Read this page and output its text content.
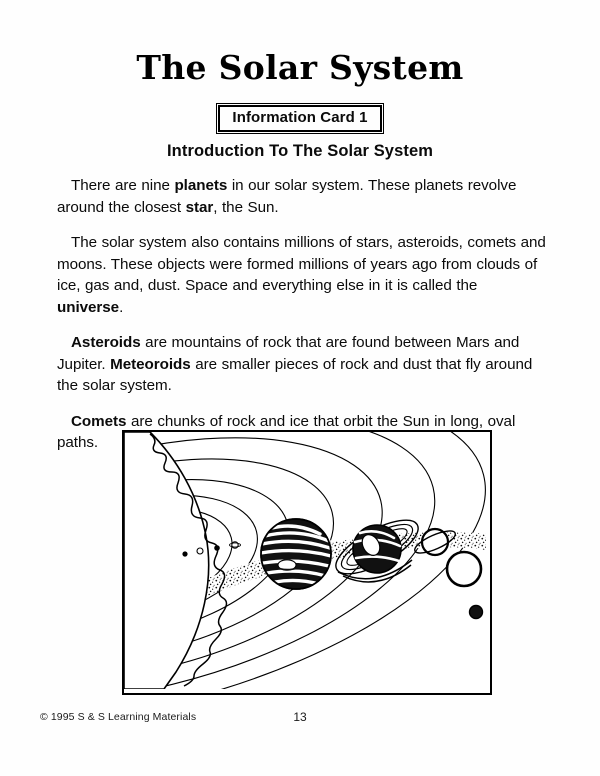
The Solar System
Information Card 1
Introduction To The Solar System

There are nine planets in our solar system. These planets revolve around the closest star, the Sun.

The solar system also contains millions of stars, asteroids, comets and moons. These objects were formed millions of years ago from clouds of ice, gas and, dust. Space and everything else in it is called the universe.

Asteroids are mountains of rock that are found between Mars and Jupiter. Meteoroids are smaller pieces of rock and dust that fly around the solar system.

Comets are chunks of rock and ice that orbit the Sun in long, oval paths.

© 1995 S & S Learning Materials	13
